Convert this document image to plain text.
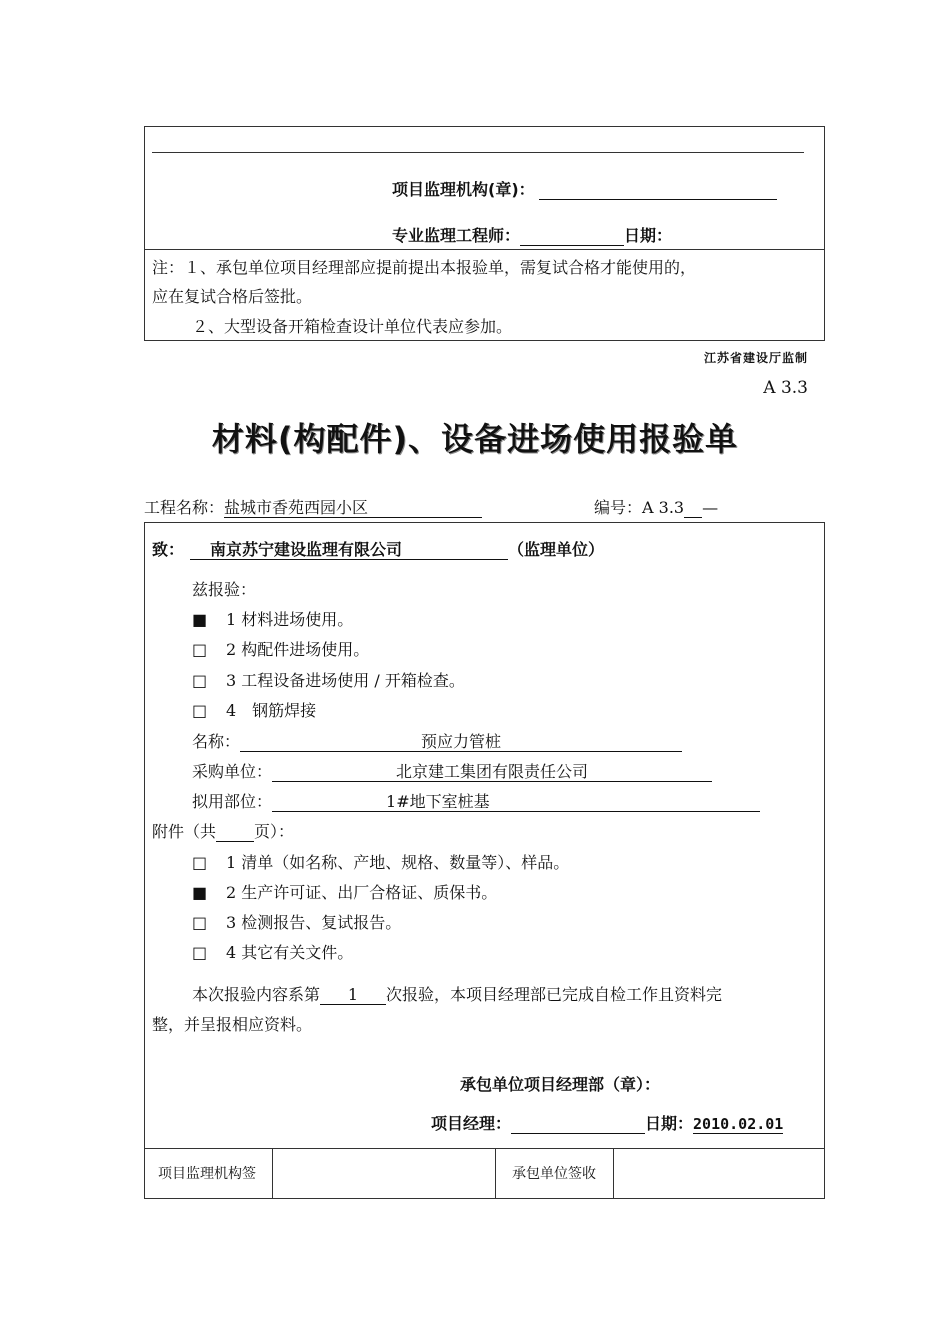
项目监理机构(章)：
专业监理工程师：	日期：
注：１、承包单位项目经理部应提前提出本报验单，需复试合格才能使用的，
应在复试合格后签批。
２、大型设备开箱检查设计单位代表应参加。
江苏省建设厅监制
A 3.3
材料(构配件)、设备进场使用报验单
工程名称：盐城市香苑西园小区	编号：A 3.3 —
致： 南京苏宁建设监理有限公司	（监理单位）
兹报验：
■ 1 材料进场使用。
□ 2 构配件进场使用。
□ 3 工程设备进场使用 / 开箱检查。
□ 4　钢筋焊接
名称：	预应力管桩
采购单位：	北京建工集团有限责任公司
拟用部位：	1#地下室桩基
附件（共 页）：
□ 1 清单（如名称、产地、规格、数量等）、样品。
■ 2 生产许可证、出厂合格证、质保书。
□ 3 检测报告、复试报告。
□ 4 其它有关文件。
本次报验内容系第 1 次报验，本项目经理部已完成自检工作且资料完
整，并呈报相应资料。
承包单位项目经理部（章）：
项目经理：	日期：2010.02.01
项目监理机构签	承包单位签收
